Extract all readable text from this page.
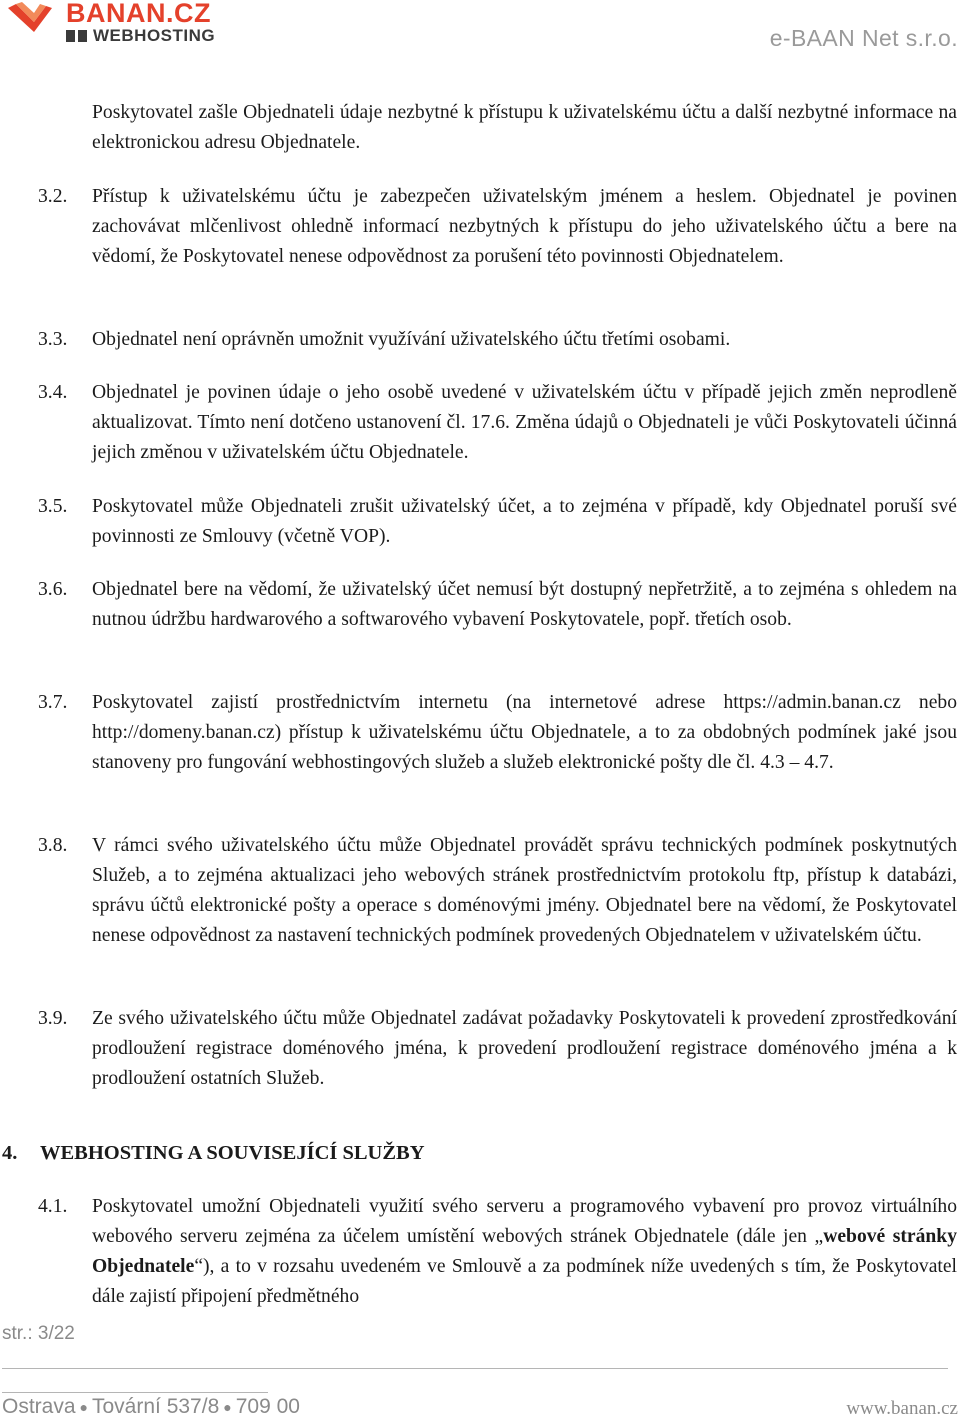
BANAN.CZ
WEBHOSTING	e-BAAN Net s.r.o.
Poskytovatel zašle Objednateli údaje nezbytné k přístupu k uživatelskému účtu a další nezbytné informace na elektronickou adresu Objednatele.
3.2. Přístup k uživatelskému účtu je zabezpečen uživatelským jménem a heslem. Objednatel je povinen zachovávat mlčenlivost ohledně informací nezbytných k přístupu do jeho uživatelského účtu a bere na vědomí, že Poskytovatel nenese odpovědnost za porušení této povinnosti Objednatelem.
3.3. Objednatel není oprávněn umožnit využívání uživatelského účtu třetími osobami.
3.4. Objednatel je povinen údaje o jeho osobě uvedené v uživatelském účtu v případě jejich změn neprodleně aktualizovat. Tímto není dotčeno ustanovení čl. 17.6. Změna údajů o Objednateli je vůči Poskytovateli účinná jejich změnou v uživatelském účtu Objednatele.
3.5. Poskytovatel může Objednateli zrušit uživatelský účet, a to zejména v případě, kdy Objednatel poruší své povinnosti ze Smlouvy (včetně VOP).
3.6. Objednatel bere na vědomí, že uživatelský účet nemusí být dostupný nepřetržitě, a to zejména s ohledem na nutnou údržbu hardwarového a softwarového vybavení Poskytovatele, popř. třetích osob.
3.7. Poskytovatel zajistí prostřednictvím internetu (na internetové adrese https://admin.banan.cz nebo http://domeny.banan.cz) přístup k uživatelskému účtu Objednatele, a to za obdobných podmínek jaké jsou stanoveny pro fungování webhostingových služeb a služeb elektronické pošty dle čl. 4.3 – 4.7.
3.8. V rámci svého uživatelského účtu může Objednatel provádět správu technických podmínek poskytnutých Služeb, a to zejména aktualizaci jeho webových stránek prostřednictvím protokolu ftp, přístup k databázi, správu účtů elektronické pošty a operace s doménovými jmény. Objednatel bere na vědomí, že Poskytovatel nenese odpovědnost za nastavení technických podmínek provedených Objednatelem v uživatelském účtu.
3.9. Ze svého uživatelského účtu může Objednatel zadávat požadavky Poskytovateli k provedení zprostředkování prodloužení registrace doménového jména, k provedení prodloužení registrace doménového jména a k prodloužení ostatních Služeb.
4. WEBHOSTING A SOUVISEJÍCÍ SLUŽBY
4.1. Poskytovatel umožní Objednateli využití svého serveru a programového vybavení pro provoz virtuálního webového serveru zejména za účelem umístění webových stránek Objednatele (dále jen „webové stránky Objednatele“), a to v rozsahu uvedeném ve Smlouvě a za podmínek níže uvedených s tím, že Poskytovatel dále zajistí připojení předmětného
str.: 3/22
Ostrava ● Tovární 537/8 ● 709 00	www.banan.cz
